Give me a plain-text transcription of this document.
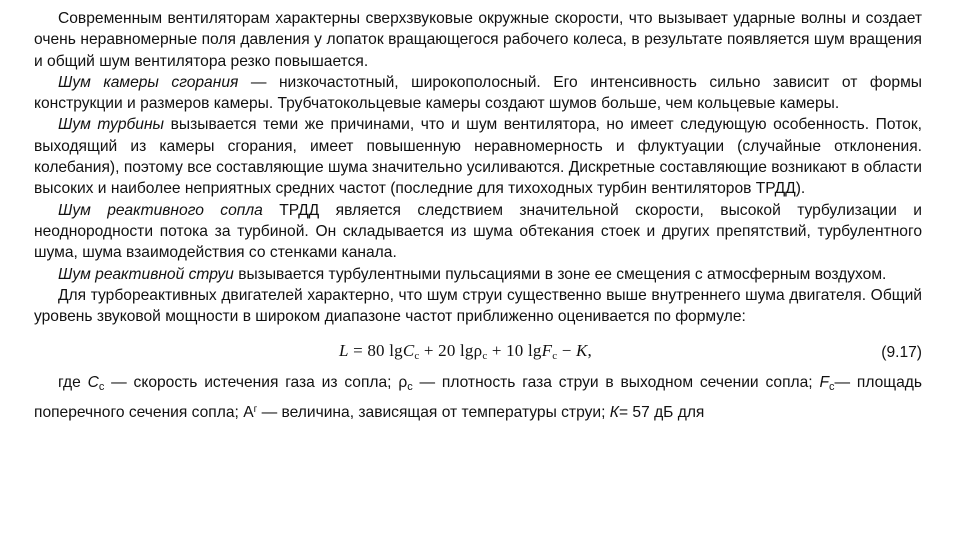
Современным вентиляторам характерны сверхзвуковые окружные скорости, что вызывает ударные волны и создает очень неравномерные поля давления у лопаток вращающегося рабочего колеса, в результате появляется шум вращения и общий шум вентилятора резко повышается.

Шум камеры сгорания — низкочастотный, широкополосный. Его интенсивность сильно зависит от формы конструкции и размеров камеры. Трубчатокольцевые камеры создают шумов больше, чем кольцевые камеры.

Шум турбины вызывается теми же причинами, что и шум вентилятора, но имеет следующую особенность. Поток, выходящий из камеры сгорания, имеет повышенную неравномерность и флуктуации (случайные отклонения. колебания), поэтому все составляющие шума значительно усиливаются. Дискретные составляющие возникают в области высоких и наиболее неприятных средних частот (последние для тихоходных турбин вентиляторов ТРДД).

Шум реактивного сопла ТРДД является следствием значительной скорости, высокой турбулизации и неоднородности потока за турбиной. Он складывается из шума обтекания стоек и других препятствий, турбулентного шума, шума взаимодействия со стенками канала.

Шум реактивной струи вызывается турбулентными пульсациями в зоне ее смещения с атмосферным воздухом.

Для турбореактивных двигателей характерно, что шум струи существенно выше внутреннего шума двигателя. Общий уровень звуковой мощности в широком диапазоне частот приближенно оценивается по формуле:

L = 80 lgC$_c$ + 20 lgρ$_c$ + 10 lgF$_c$ − K,	(9.17)

где $C_c$ — скорость истечения газа из сопла; $\rho_c$ — плотность газа струи в выходном сечении сопла; $F_c—$ площадь поперечного сечения сопла; $А^г$ — величина, зависящая от температуры струи; К= 57 дБ для
